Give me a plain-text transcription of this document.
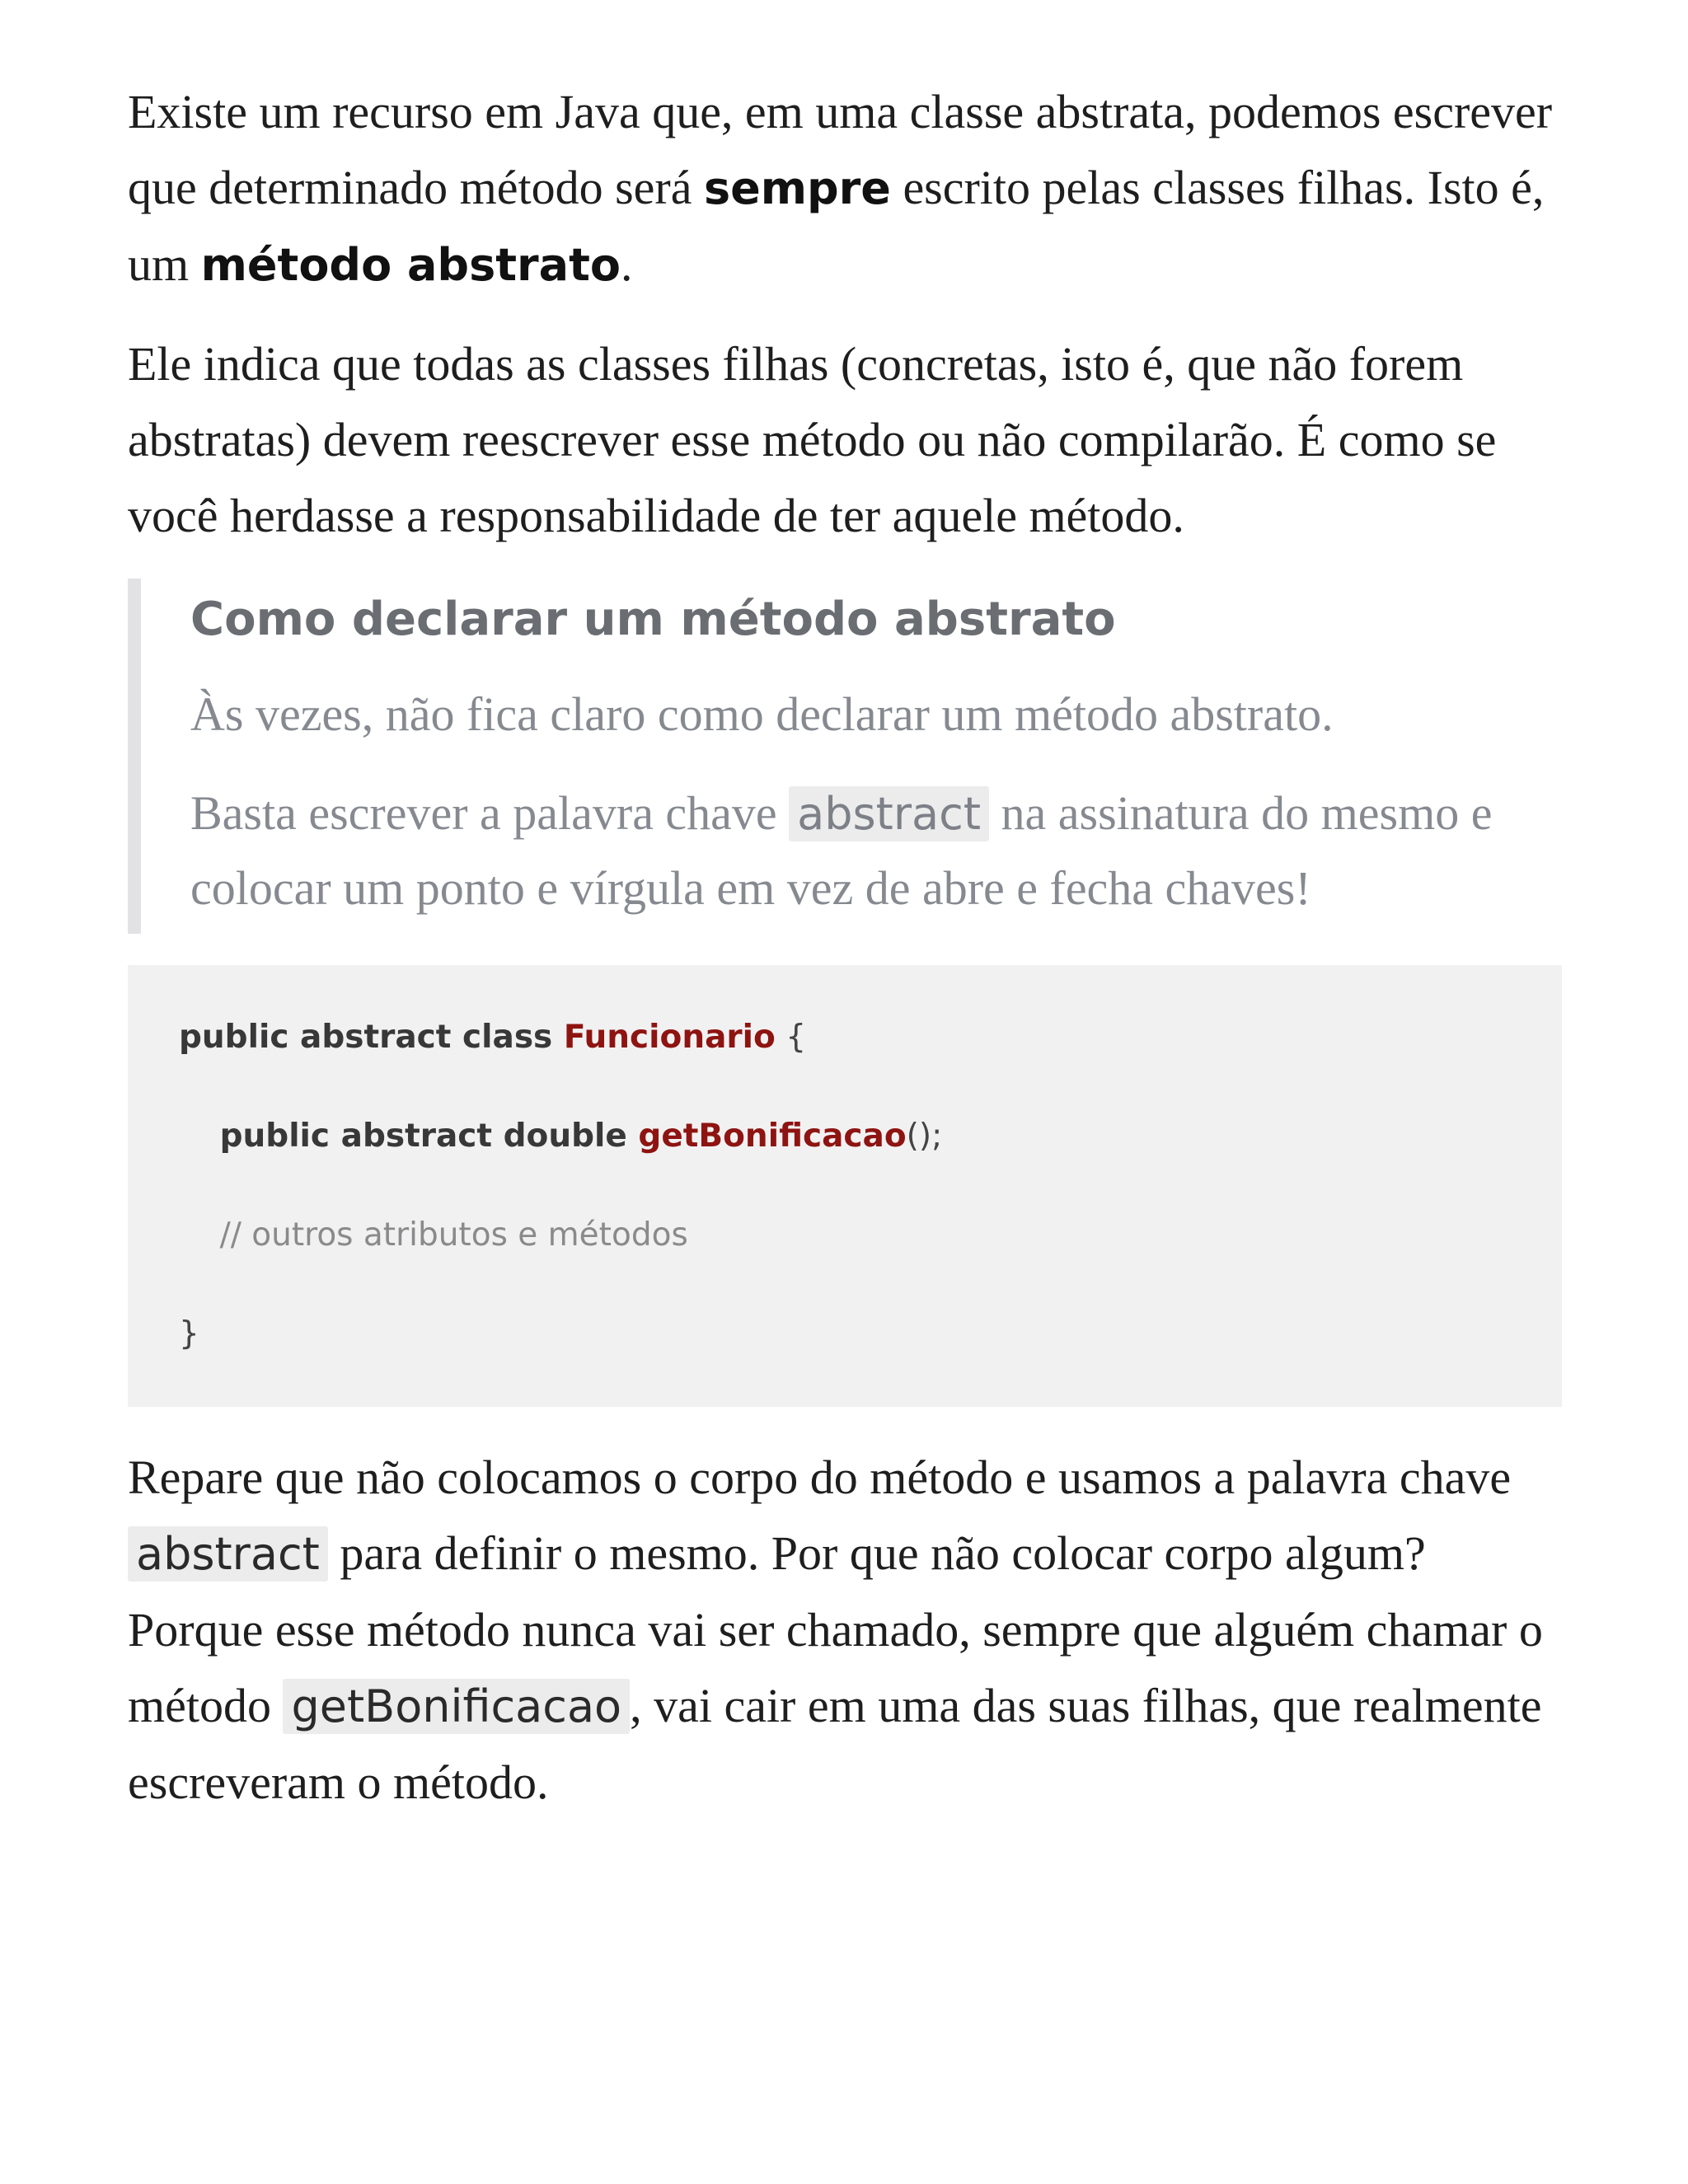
Existe um recurso em Java que, em uma classe abstrata, podemos escrever que determinado método será sempre escrito pelas classes filhas. Isto é, um método abstrato.

Ele indica que todas as classes filhas (concretas, isto é, que não forem abstratas) devem reescrever esse método ou não compilarão. É como se você herdasse a responsabilidade de ter aquele método.

Como declarar um método abstrato

Às vezes, não fica claro como declarar um método abstrato.

Basta escrever a palavra chave abstract na assinatura do mesmo e colocar um ponto e vírgula em vez de abre e fecha chaves!

public abstract class Funcionario {
public abstract double getBonificacao();
// outros atributos e métodos
}

Repare que não colocamos o corpo do método e usamos a palavra chave abstract para definir o mesmo. Por que não colocar corpo algum? Porque esse método nunca vai ser chamado, sempre que alguém chamar o método getBonificacao , vai cair em uma das suas filhas, que realmente escreveram o método.
